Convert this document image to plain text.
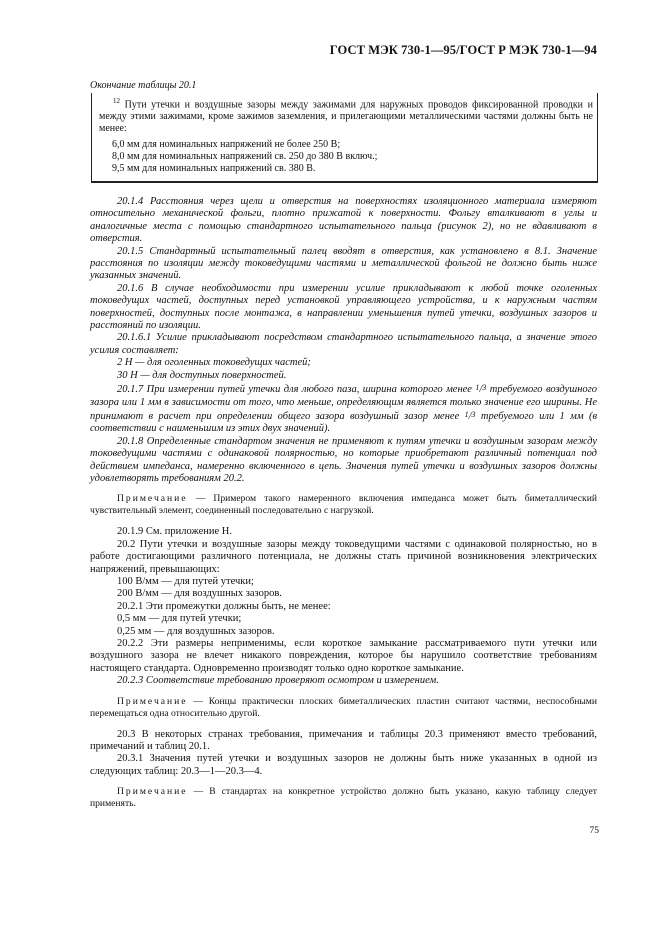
ГОСТ МЭК 730-1—95/ГОСТ Р МЭК 730-1—94
Окончание таблицы 20.1
$^{12}$ Пути утечки и воздушные зазоры между зажимами для наружных проводов фиксированной проводки и между этими зажимами, кроме зажимов заземления, и прилегающими металлическими частями должны быть не менее:
6,0 мм для номинальных напряжений не более 250 В;
8,0 мм для номинальных напряжений св. 250 до 380 В включ.;
9,5 мм для номинальных напряжений св. 380 В.

20.1.4 Расстояния через щели и отверстия на поверхностях изоляционного материала измеряют относительно механической фольги, плотно прижатой к поверхности. Фольгу вталкивают в углы и аналогичные места с помощью стандартного испытательного пальца (рисунок 2), но не вдавливают в отверстия.

20.1.5 Стандартный испытательный палец вводят в отверстия, как установлено в 8.1. Значение расстояния по изоляции между токоведущими частями и металлической фольгой не должно быть ниже указанных значений.

20.1.6 В случае необходимости при измерении усилие прикладывают к любой точке оголенных токоведущих частей, доступных перед установкой управляющего устройства, и к наружным частям поверхностей, доступных после монтажа, в направлении уменьшения путей утечки, воздушных зазоров и расстояний по изоляции.

20.1.6.1 Усилие прикладывают посредством стандартного испытательного пальца, а значение этого усилия составляет:

2 Н — для оголенных токоведущих частей;

30 Н — для доступных поверхностей.

20.1.7 При измерении путей утечки для любого паза, ширина которого менее 1/3 требуемого воздушного зазора или 1 мм в зависимости от того, что меньше, определяющим является только значение его ширины. Не принимают в расчет при определении общего зазора воздушный зазор менее 1/3 требуемого или 1 мм (в соответствии с наименьшим из этих двух значений).

20.1.8 Определенные стандартом значения не применяют к путям утечки и воздушным зазорам между токоведущими частями с одинаковой полярностью, но которые приобретают различный потенциал под действием импеданса, намеренно включенного в цепь. Значения путей утечки и воздушных зазоров должны удовлетворять требованиям 20.2.

Примечание — Примером такого намеренного включения импеданса может быть биметаллический чувствительный элемент, соединенный последовательно с нагрузкой.

20.1.9 См. приложение Н.

20.2 Пути утечки и воздушные зазоры между токоведущими частями с одинаковой полярностью, но в работе достигающими различного потенциала, не должны стать причиной возникновения электрических напряжений, превышающих:

100 В/мм — для путей утечки;

200 В/мм — для воздушных зазоров.

20.2.1 Эти промежутки должны быть, не менее:

0,5 мм — для путей утечки;

0,25 мм — для воздушных зазоров.

20.2.2 Эти размеры неприменимы, если короткое замыкание рассматриваемого пути утечки или воздушного зазора не влечет никакого повреждения, которое бы нарушило соответствие требованиям настоящего стандарта. Одновременно производят только одно короткое замыкание.

20.2.3 Соответствие требованию проверяют осмотром и измерением.

Примечание — Концы практически плоских биметаллических пластин считают частями, неспособными перемещаться одна относительно другой.

20.3 В некоторых странах требования, примечания и таблицы 20.3 применяют вместо требований, примечаний и таблиц 20.1.

20.3.1 Значения путей утечки и воздушных зазоров не должны быть ниже указанных в одной из следующих таблиц: 20.3—1—20.3—4.

Примечание — В стандартах на конкретное устройство должно быть указано, какую таблицу следует применять.

75
